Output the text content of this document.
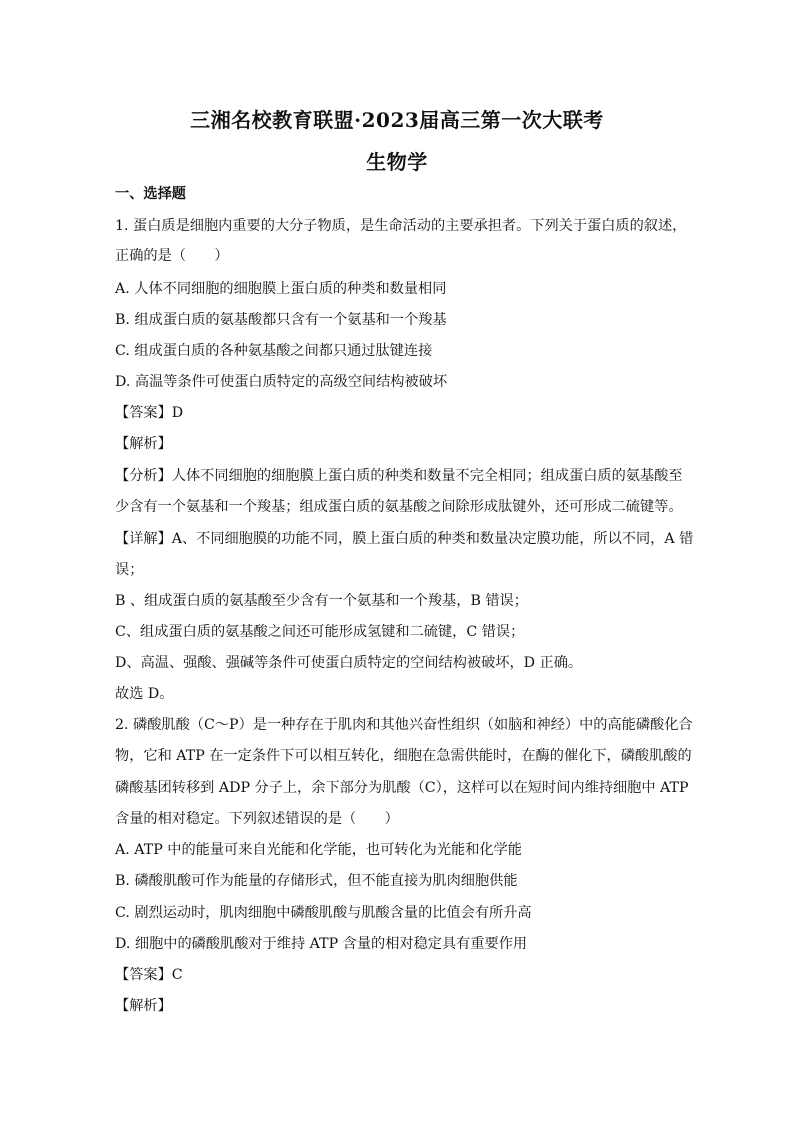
三湘名校教育联盟·2023届高三第一次大联考
生物学
一、选择题
1. 蛋白质是细胞内重要的大分子物质，是生命活动的主要承担者。下列关于蛋白质的叙述，
正确的是（　　）
A. 人体不同细胞的细胞膜上蛋白质的种类和数量相同
B. 组成蛋白质的氨基酸都只含有一个氨基和一个羧基
C. 组成蛋白质的各种氨基酸之间都只通过肽键连接
D. 高温等条件可使蛋白质特定的高级空间结构被破坏
【答案】D
【解析】
【分析】人体不同细胞的细胞膜上蛋白质的种类和数量不完全相同；组成蛋白质的氨基酸至
少含有一个氨基和一个羧基；组成蛋白质的氨基酸之间除形成肽键外，还可形成二硫键等。
【详解】A、不同细胞膜的功能不同，膜上蛋白质的种类和数量决定膜功能，所以不同，A 错
误；
B 、组成蛋白质的氨基酸至少含有一个氨基和一个羧基，B 错误；
C、组成蛋白质的氨基酸之间还可能形成氢键和二硫键，C 错误；
D、高温、强酸、强碱等条件可使蛋白质特定的空间结构被破坏，D 正确。
故选 D。
2. 磷酸肌酸（C～P）是一种存在于肌肉和其他兴奋性组织（如脑和神经）中的高能磷酸化合
物，它和 ATP 在一定条件下可以相互转化，细胞在急需供能时，在酶的催化下，磷酸肌酸的
磷酸基团转移到 ADP 分子上，余下部分为肌酸（C），这样可以在短时间内维持细胞中 ATP
含量的相对稳定。下列叙述错误的是（　　）
A. ATP 中的能量可来自光能和化学能，也可转化为光能和化学能
B. 磷酸肌酸可作为能量的存储形式，但不能直接为肌肉细胞供能
C. 剧烈运动时，肌肉细胞中磷酸肌酸与肌酸含量的比值会有所升高
D. 细胞中的磷酸肌酸对于维持 ATP 含量的相对稳定具有重要作用
【答案】C
【解析】
